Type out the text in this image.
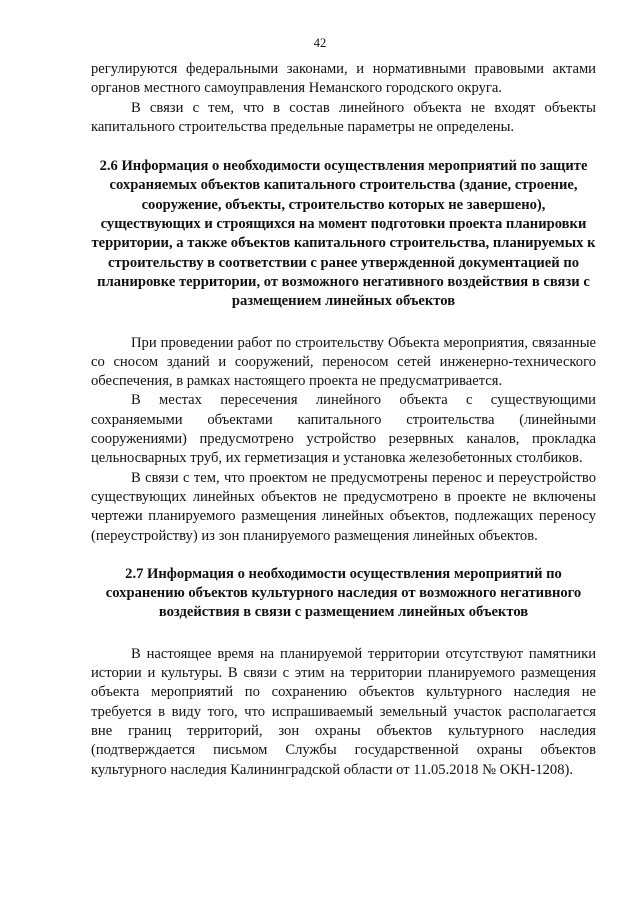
42

регулируются федеральными законами, и нормативными правовыми актами органов местного самоуправления Неманского городского округа.

В связи с тем, что в состав линейного объекта не входят объекты капитального строительства предельные параметры не определены.

2.6 Информация о необходимости осуществления мероприятий по защите сохраняемых объектов капитального строительства (здание, строение, сооружение, объекты, строительство которых не завершено), существующих и строящихся на момент подготовки проекта планировки территории, а также объектов капитального строительства, планируемых к строительству в соответствии с ранее утвержденной документацией по планировке территории, от возможного негативного воздействия в связи с размещением линейных объектов

При проведении работ по строительству Объекта мероприятия, связанные со сносом зданий и сооружений, переносом сетей инженерно-технического обеспечения, в рамках настоящего проекта не предусматривается.

В местах пересечения линейного объекта с существующими сохраняемыми объектами капитального строительства (линейными сооружениями) предусмотрено устройство резервных каналов, прокладка цельносварных труб, их герметизация и установка железобетонных столбиков.

В связи с тем, что проектом не предусмотрены перенос и переустройство существующих линейных объектов не предусмотрено в проекте не включены чертежи планируемого размещения линейных объектов, подлежащих переносу (переустройству) из зон планируемого размещения линейных объектов.

2.7 Информация о необходимости осуществления мероприятий по сохранению объектов культурного наследия от возможного негативного воздействия в связи с размещением линейных объектов

В настоящее время на планируемой территории отсутствуют памятники истории и культуры. В связи с этим на территории планируемого размещения объекта мероприятий по сохранению объектов культурного наследия не требуется в виду того, что испрашиваемый земельный участок располагается вне границ территорий, зон охраны объектов культурного наследия (подтверждается письмом Службы государственной охраны объектов культурного наследия Калининградской области от 11.05.2018 № ОКН-1208).
